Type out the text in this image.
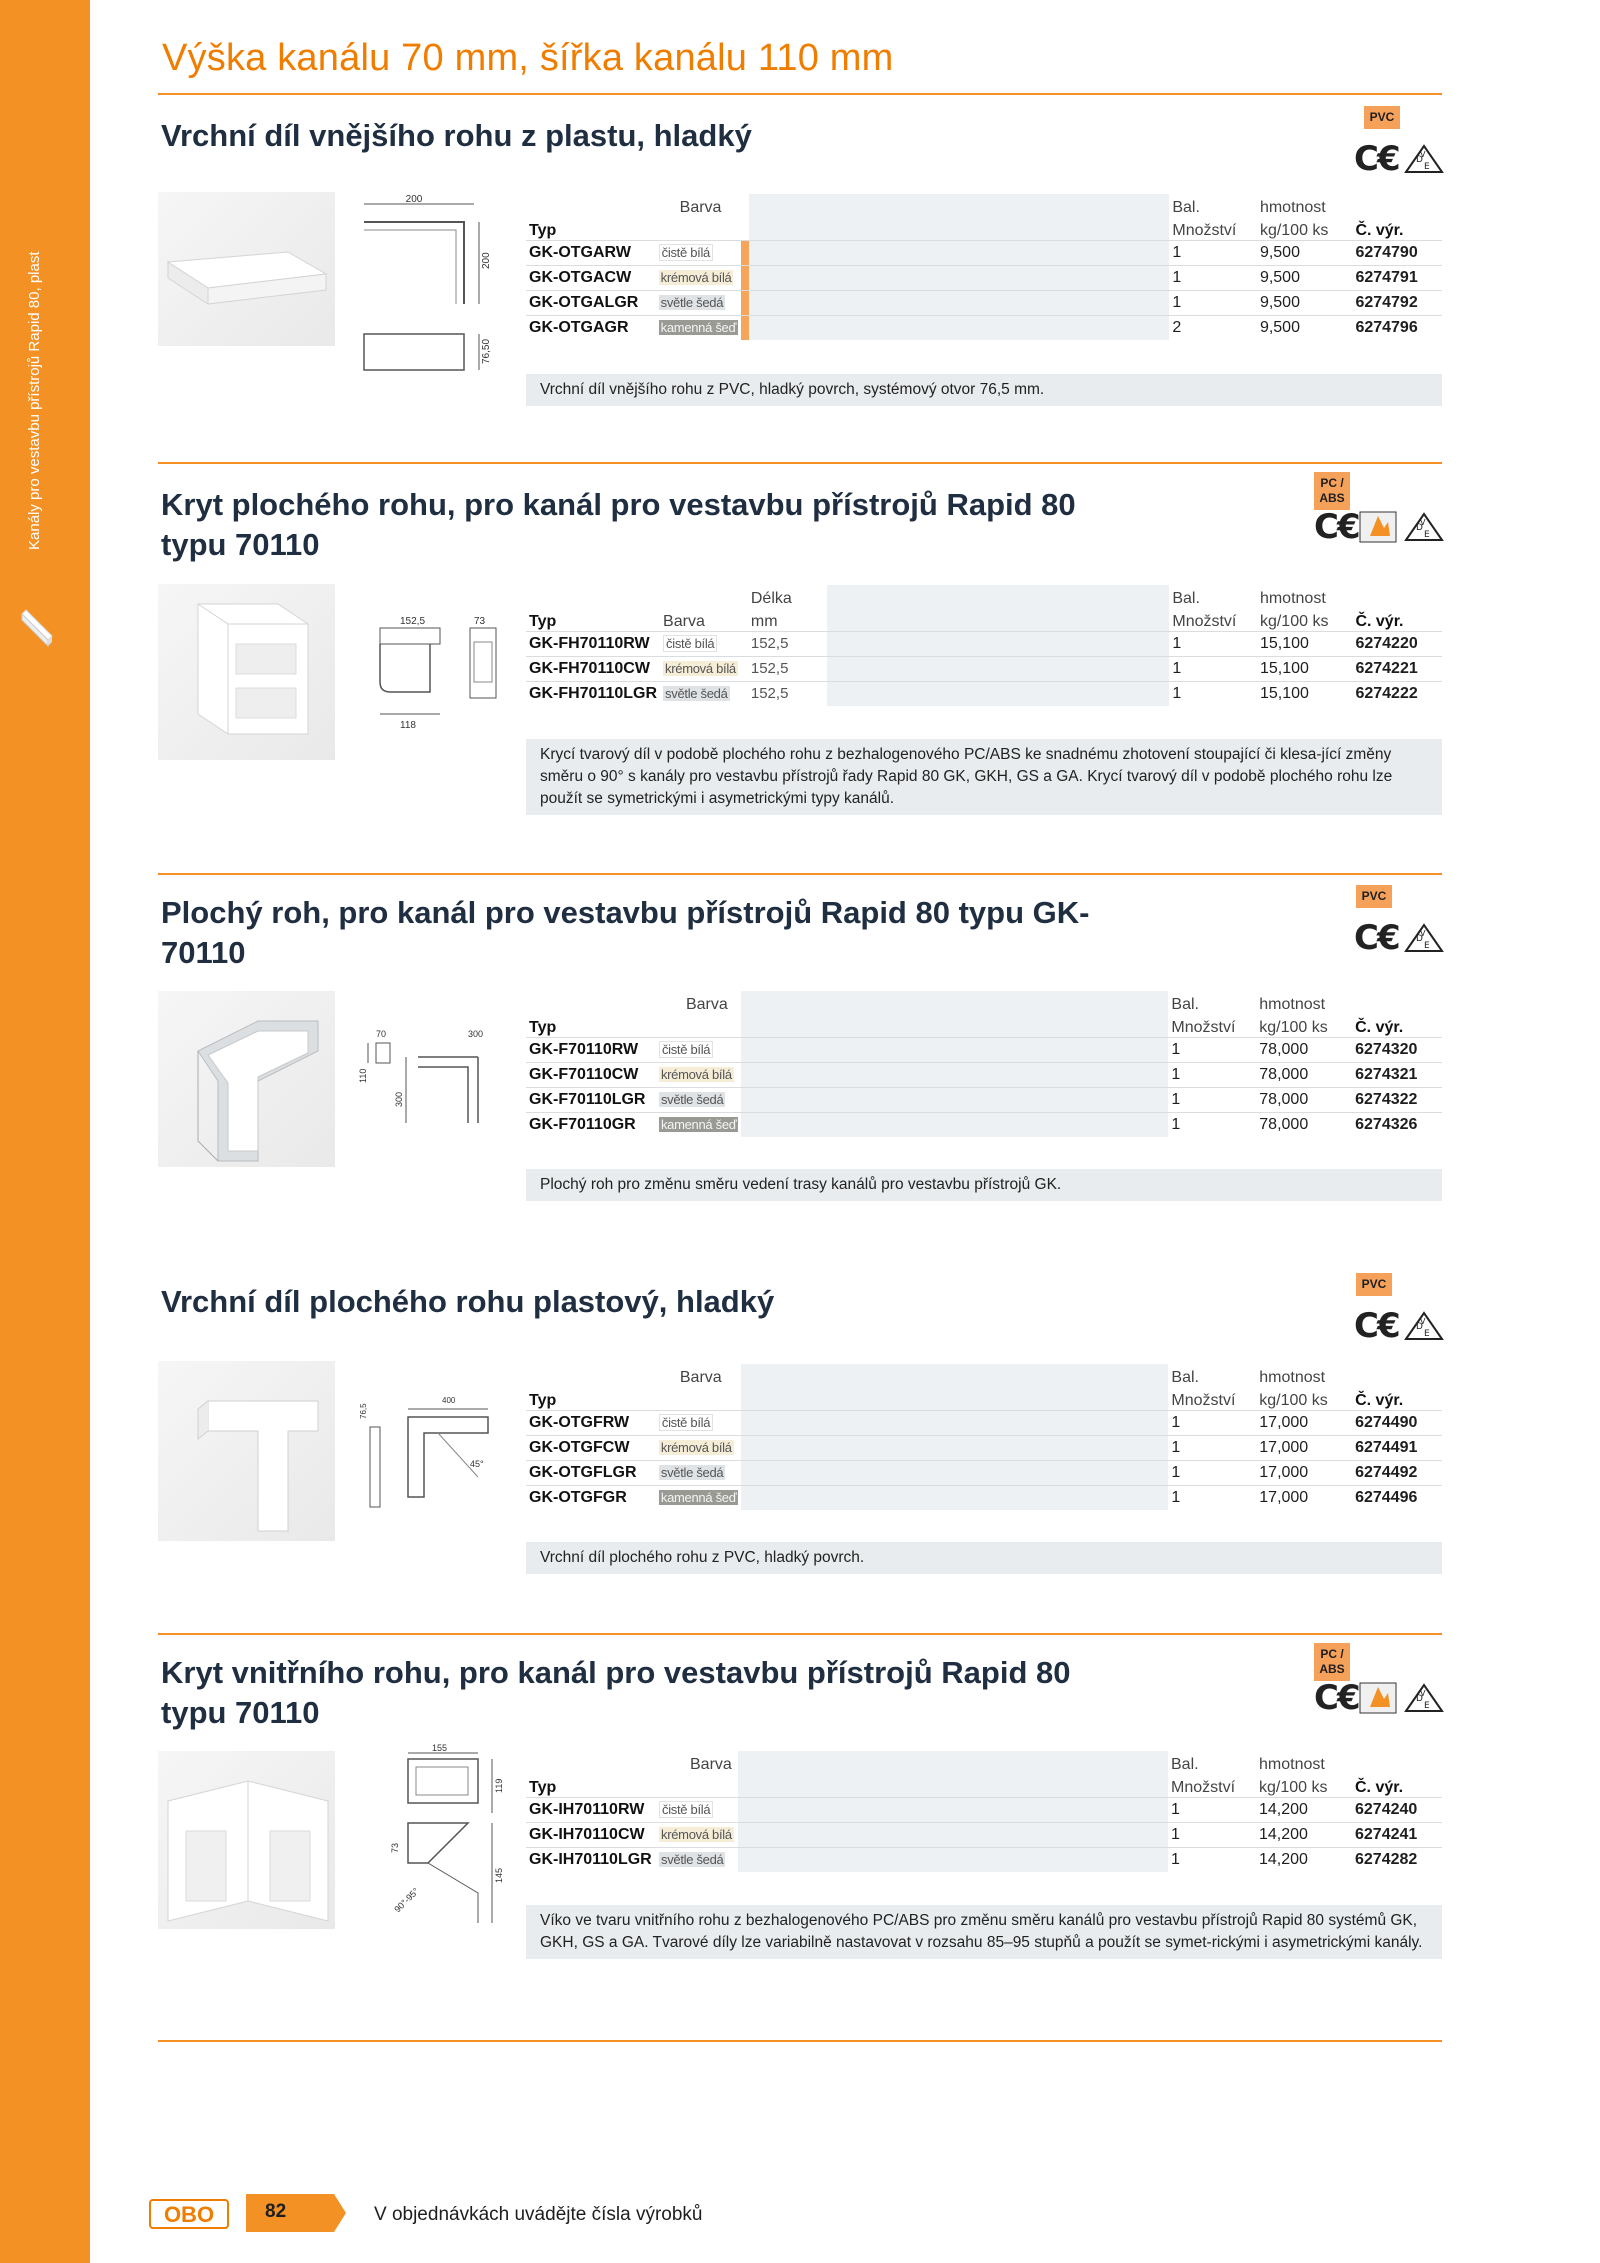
Kanály pro vestavbu přístrojů Rapid 80, plast
Výška kanálu 70 mm, šířka kanálu 110 mm
Vrchní díl vnějšího rohu z plastu, hladký
PVC
C€ D
E
V
200
200
76,50
	Barva			Bal.	hmotnost	
Typ				Množství	kg/100 ks	Č. výr.
GK-OTGARW	čistě bílá			1	9,500	6274790
GK-OTGACW	krémová bílá			1	9,500	6274791
GK-OTGALGR	světle šedá			1	9,500	6274792
GK-OTGAGR	kamenná šeď			2	9,500	6274796
Vrchní díl vnějšího rohu z PVC, hladký povrch, systémový otvor 76,5 mm.
Kryt plochého rohu, pro kanál pro vestavbu přístrojů Rapid 80 typu 70110
PC / ABS
C€	D
E
V
152,5	73
118
		Délka		Bal.	hmotnost	
Typ	Barva	mm		Množství	kg/100 ks	Č. výr.
GK-FH70110RW	čistě bílá	152,5		1	15,100	6274220
GK-FH70110CW	krémová bílá	152,5		1	15,100	6274221
GK-FH70110LGR	světle šedá	152,5		1	15,100	6274222
Krycí tvarový díl v podobě plochého rohu z bezhalogenového PC/ABS ke snadnému zhotovení stoupající či klesa-jící změny směru o 90° s kanály pro vestavbu přístrojů řady Rapid 80 GK, GKH, GS a GA. Krycí tvarový díl v podobě plochého rohu lze použít se symetrickými i asymetrickými typy kanálů.
Plochý roh, pro kanál pro vestavbu přístrojů Rapid 80 typu GK-70110
PVC
C€ D
E
V
70	300
110
300
	Barva		Bal.	hmotnost	
Typ			Množství	kg/100 ks	Č. výr.
GK-F70110RW	čistě bílá		1	78,000	6274320
GK-F70110CW	krémová bílá		1	78,000	6274321
GK-F70110LGR	světle šedá		1	78,000	6274322
GK-F70110GR	kamenná šeď		1	78,000	6274326
Plochý roh pro změnu směru vedení trasy kanálů pro vestavbu přístrojů GK.
Vrchní díl plochého rohu plastový, hladký	PVC
C€ D
E
V
400
76,5
45°
	Barva		Bal.	hmotnost	
Typ			Množství	kg/100 ks	Č. výr.
GK-OTGFRW	čistě bílá		1	17,000	6274490
GK-OTGFCW	krémová bílá		1	17,000	6274491
GK-OTGFLGR	světle šedá		1	17,000	6274492
GK-OTGFGR	kamenná šeď		1	17,000	6274496
Vrchní díl plochého rohu z PVC, hladký povrch.
Kryt vnitřního rohu, pro kanál pro vestavbu přístrojů Rapid 80 typu 70110
PC / ABS
C€	D
E
V
155
119
73
145
90°-95°
	Barva		Bal.	hmotnost	
Typ			Množství	kg/100 ks	Č. výr.
GK-IH70110RW	čistě bílá		1	14,200	6274240
GK-IH70110CW	krémová bílá		1	14,200	6274241
GK-IH70110LGR	světle šedá		1	14,200	6274282
Víko ve tvaru vnitřního rohu z bezhalogenového PC/ABS pro změnu směru kanálů pro vestavbu přístrojů Rapid 80 systémů GK, GKH, GS a GA. Tvarové díly lze variabilně nastavovat v rozsahu 85–95 stupňů a použít se symet-rickými i asymetrickými kanály.
OBO	82	V objednávkách uvádějte čísla výrobků
